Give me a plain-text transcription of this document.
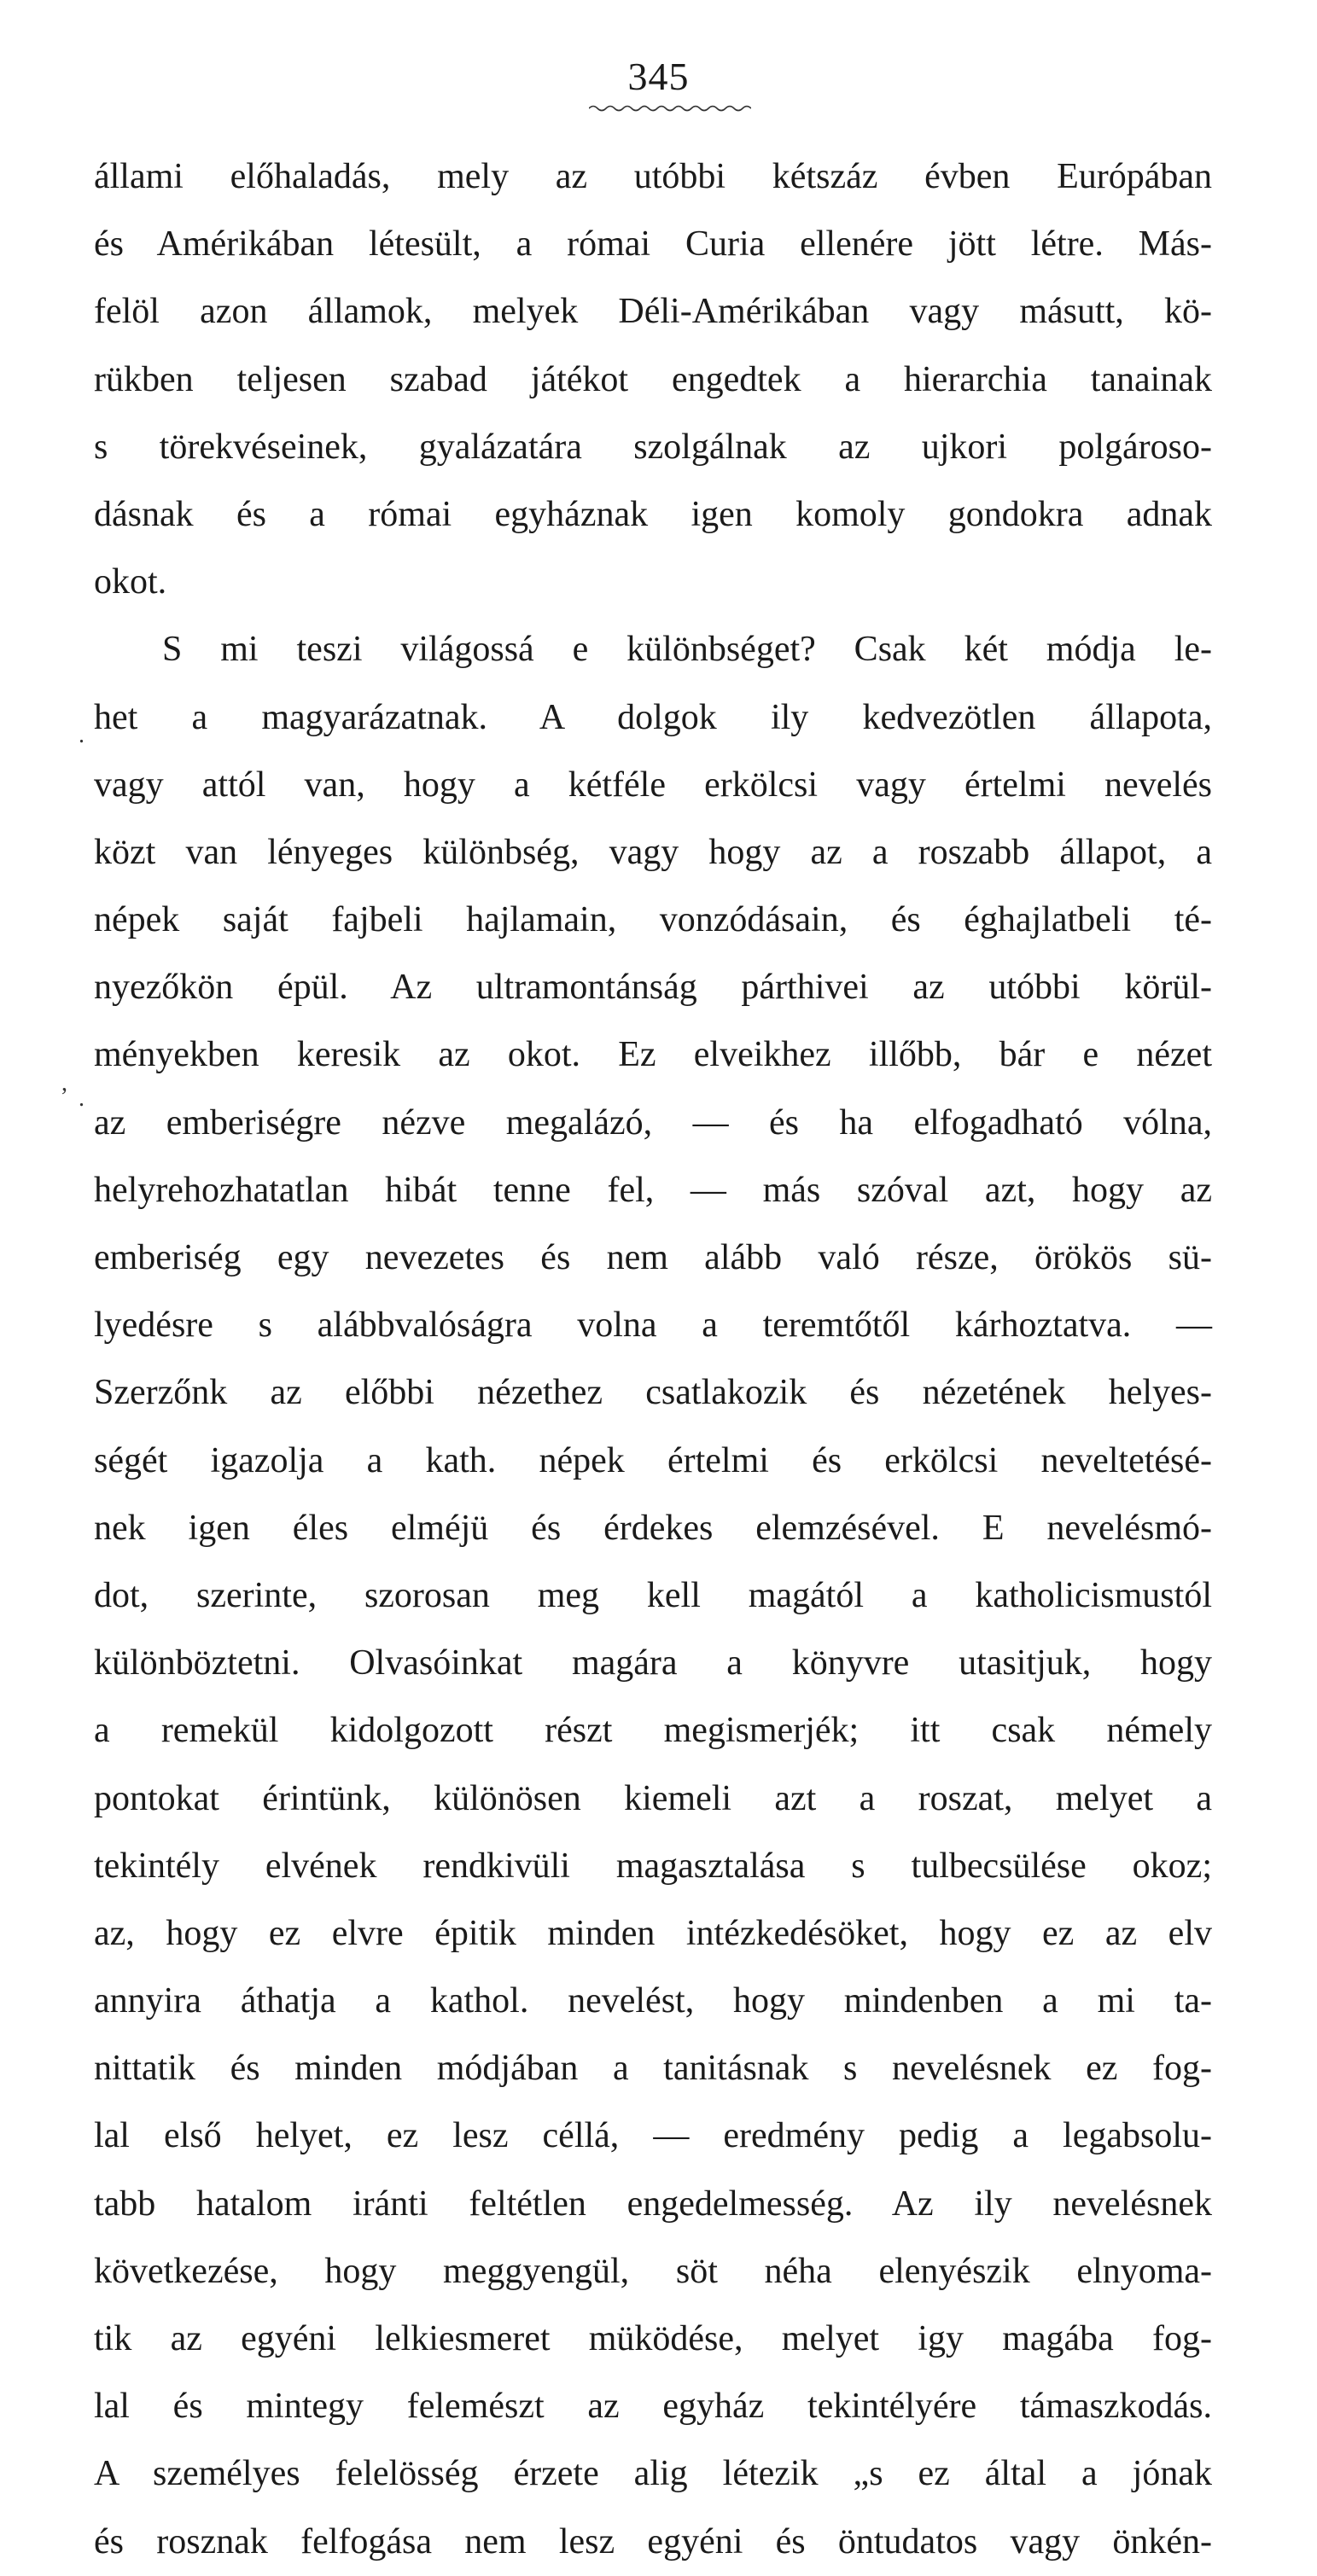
345
állami előhaladás, mely az utóbbi kétszáz évben Európában
és Amérikában létesült, a római Curia ellenére jött létre. Más-
felöl azon államok, melyek Déli-Amérikában vagy másutt, kö-
rükben teljesen szabad játékot engedtek a hierarchia tanainak
s törekvéseinek, gyalázatára szolgálnak az ujkori polgároso-
dásnak és a római egyháznak igen komoly gondokra adnak
okot.
S mi teszi világossá e különbséget? Csak két módja le-
het a magyarázatnak. A dolgok ily kedvezötlen állapota,
vagy attól van, hogy a kétféle erkölcsi vagy értelmi nevelés
közt van lényeges különbség, vagy hogy az a roszabb állapot, a
népek saját fajbeli hajlamain, vonzódásain, és éghajlatbeli té-
nyezőkön épül. Az ultramontánság párthivei az utóbbi körül-
ményekben keresik az okot. Ez elveikhez illőbb, bár e nézet
az emberiségre nézve megalázó, — és ha elfogadható vólna,
helyrehozhatatlan hibát tenne fel, — más szóval azt, hogy az
emberiség egy nevezetes és nem alább való része, örökös sü-
lyedésre s alábbvalóságra volna a teremtőtől kárhoztatva. —
Szerzőnk az előbbi nézethez csatlakozik és nézetének helyes-
ségét igazolja a kath. népek értelmi és erkölcsi neveltetésé-
nek igen éles elméjü és érdekes elemzésével. E nevelésmó-
dot, szerinte, szorosan meg kell magától a katholicismustól
különböztetni. Olvasóinkat magára a könyvre utasitjuk, hogy
a remekül kidolgozott részt megismerjék; itt csak némely
pontokat érintünk, különösen kiemeli azt a roszat, melyet a
tekintély elvének rendkivüli magasztalása s tulbecsülése okoz;
az, hogy ez elvre épitik minden intézkedésöket, hogy ez az elv
annyira áthatja a kathol. nevelést, hogy mindenben a mi ta-
nittatik és minden módjában a tanitásnak s nevelésnek ez fog-
lal első helyet, ez lesz céllá, — eredmény pedig a legabsolu-
tabb hatalom iránti feltétlen engedelmesség. Az ily nevelésnek
következése, hogy meggyengül, söt néha elenyészik elnyoma-
tik az egyéni lelkiesmeret müködése, melyet igy magába fog-
lal és mintegy felemészt az egyház tekintélyére támaszkodás.
A személyes felelösség érzete alig létezik „s ez által a jónak
és rosznak felfogása nem lesz egyéni és öntudatos vagy önkén-
.
.
,
